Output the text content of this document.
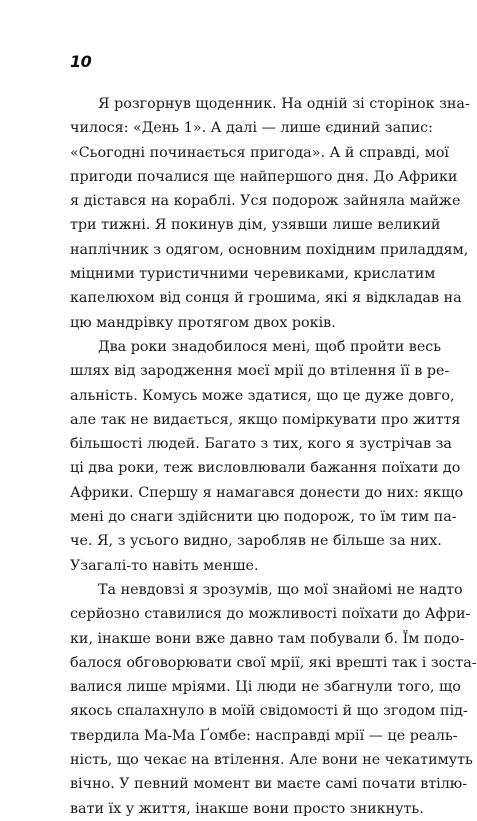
10
Я розгорнув щоденник. На одній зі сторінок зна-
чилося: «День 1». А далі — лише єдиний запис:
«Сьогодні починається пригода». А й справді, мої
пригоди почалися ще найпершого дня. До Африки
я дістався на кораблі. Уся подорож зайняла майже
три тижні. Я покинув дім, узявши лише великий
наплічник з одягом, основним похідним приладдям,
міцними туристичними черевиками, крислатим
капелюхом від сонця й грошима, які я відкладав на
цю мандрівку протягом двох років.
Два роки знадобилося мені, щоб пройти весь
шлях від зародження моєї мрії до втілення її в ре-
альність. Комусь може здатися, що це дуже довго,
але так не видається, якщо поміркувати про життя
більшості людей. Багато з тих, кого я зустрічав за
ці два роки, теж висловлювали бажання поїхати до
Африки. Спершу я намагався донести до них: якщо
мені до снаги здійснити цю подорож, то їм тим па-
че. Я, з усього видно, заробляв не більше за них.
Узагалі-то навіть менше.
Та невдовзі я зрозумів, що мої знайомі не надто
серйозно ставилися до можливості поїхати до Афри-
ки, інакше вони вже давно там побували б. Їм подо-
балося обговорювати свої мрії, які врешті так і зоста-
валися лише мріями. Ці люди не збагнули того, що
якось спалахнуло в моїй свідомості й що згодом під-
твердила Ма-Ма Ґомбе: насправді мрії — це реаль-
ність, що чекає на втілення. Але вони не чекатимуть
вічно. У певний момент ви маєте самі почати втілю-
вати їх у життя, інакше вони просто зникнуть.
